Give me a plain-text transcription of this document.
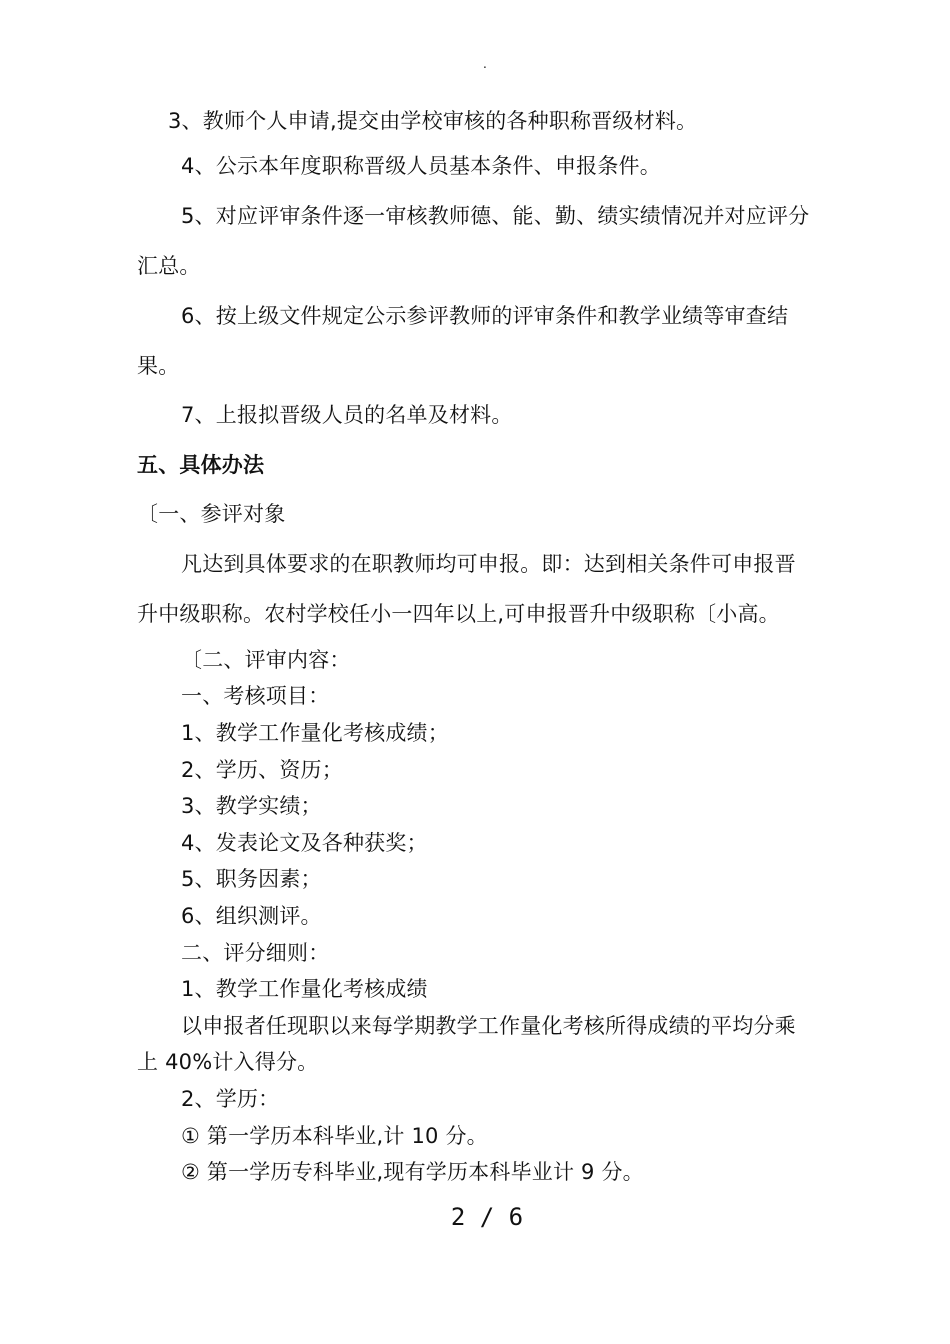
.
3、教师个人申请,提交由学校审核的各种职称晋级材料。
4、公示本年度职称晋级人员基本条件、申报条件。
5、对应评审条件逐一审核教师德、能、勤、绩实绩情况并对应评分
汇总。
6、按上级文件规定公示参评教师的评审条件和教学业绩等审查结
果。
7、上报拟晋级人员的名单及材料。
五、具体办法
〔一、参评对象
凡达到具体要求的在职教师均可申报。即：达到相关条件可申报晋
升中级职称。农村学校任小一四年以上,可申报晋升中级职称〔小高。
〔二、评审内容：
一、考核项目：
1、教学工作量化考核成绩；
2、学历、资历；
3、教学实绩；
4、发表论文及各种获奖；
5、职务因素；
6、组织测评。
二、评分细则：
1、教学工作量化考核成绩
以申报者任现职以来每学期教学工作量化考核所得成绩的平均分乘
上 40%计入得分。
2、学历：
① 第一学历本科毕业,计 10 分。
② 第一学历专科毕业,现有学历本科毕业计 9 分。
2 / 6
